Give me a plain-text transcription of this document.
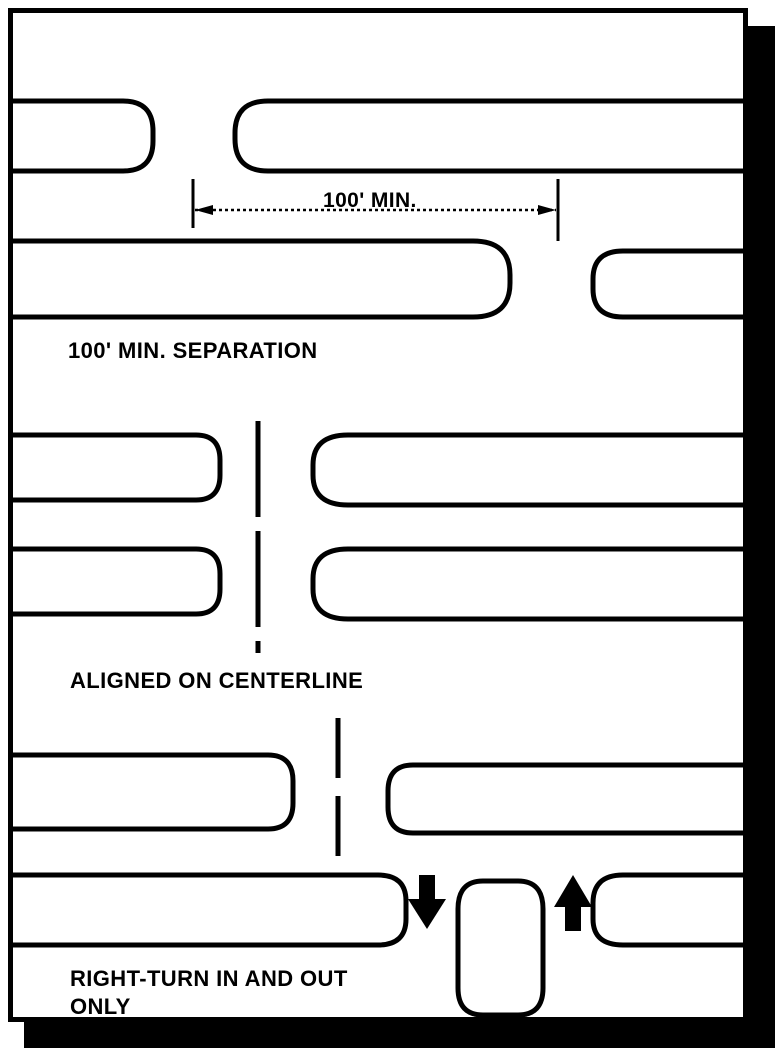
100' MIN.
100' MIN. SEPARATION
ALIGNED ON CENTERLINE
RIGHT-TURN IN AND OUT
ONLY
